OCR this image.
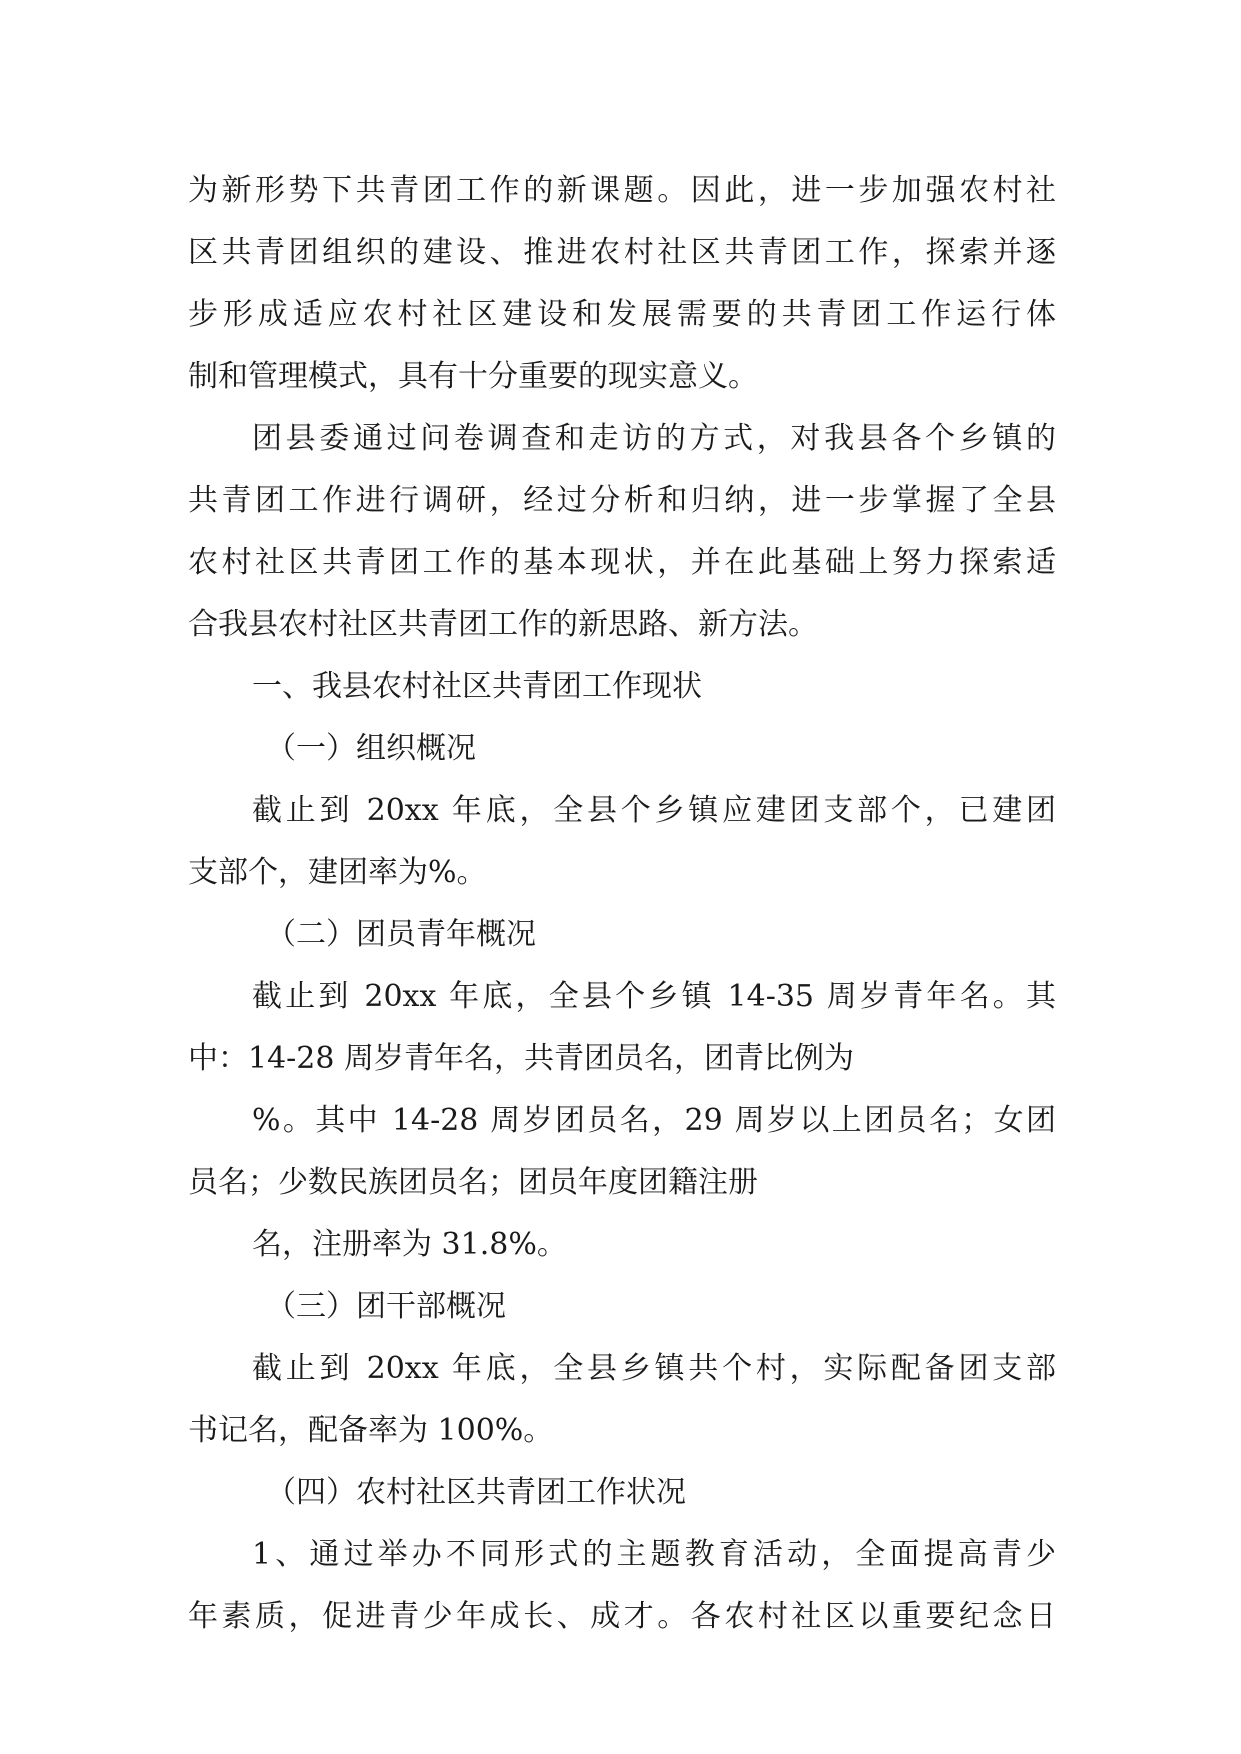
为新形势下共青团工作的新课题。因此，进一步加强农村社
区共青团组织的建设、推进农村社区共青团工作，探索并逐
步形成适应农村社区建设和发展需要的共青团工作运行体
制和管理模式，具有十分重要的现实意义。
团县委通过问卷调查和走访的方式，对我县各个乡镇的
共青团工作进行调研，经过分析和归纳，进一步掌握了全县
农村社区共青团工作的基本现状，并在此基础上努力探索适
合我县农村社区共青团工作的新思路、新方法。
一、我县农村社区共青团工作现状
（一）组织概况
截止到 20xx 年底，全县个乡镇应建团支部个，已建团
支部个，建团率为%。
（二）团员青年概况
截止到 20xx 年底，全县个乡镇 14-35 周岁青年名。其
中：14-28 周岁青年名，共青团员名，团青比例为
%。其中 14-28 周岁团员名，29 周岁以上团员名；女团
员名；少数民族团员名；团员年度团籍注册
名，注册率为 31.8%。
（三）团干部概况
截止到 20xx 年底，全县乡镇共个村，实际配备团支部
书记名，配备率为 100%。
（四）农村社区共青团工作状况
1、通过举办不同形式的主题教育活动，全面提高青少
年素质，促进青少年成长、成才。各农村社区以重要纪念日
